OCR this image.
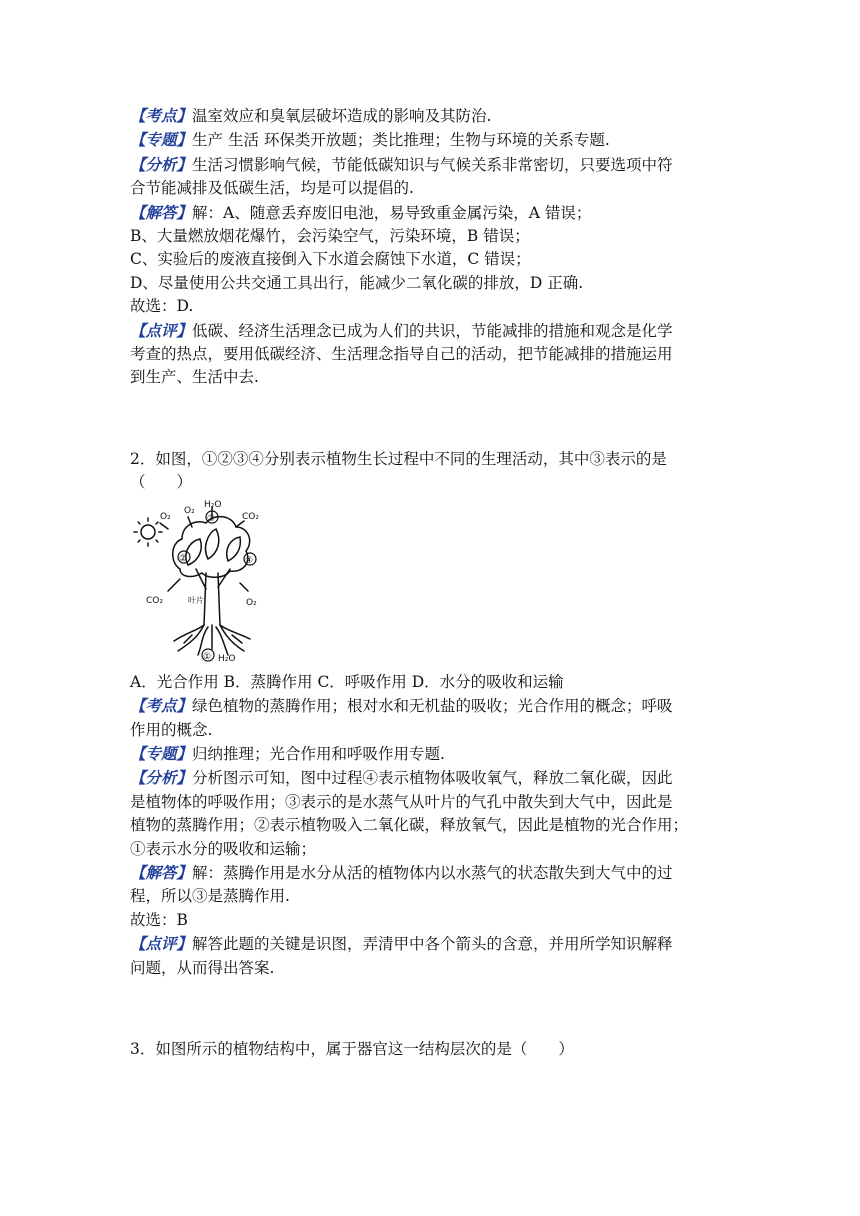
【考点】温室效应和臭氧层破坏造成的影响及其防治.

【专题】生产 生活 环保类开放题；类比推理；生物与环境的关系专题.

【分析】生活习惯影响气候，节能低碳知识与气候关系非常密切，只要选项中符

合节能减排及低碳生活，均是可以提倡的.

【解答】解：A、随意丢弃废旧电池，易导致重金属污染，A 错误；

B、大量燃放烟花爆竹，会污染空气，污染环境，B 错误；

C、实验后的废液直接倒入下水道会腐蚀下水道，C 错误；

D、尽量使用公共交通工具出行，能减少二氧化碳的排放，D 正确.

故选：D.

【点评】低碳、经济生活理念已成为人们的共识，节能减排的措施和观念是化学

考查的热点，要用低碳经济、生活理念指导自己的活动，把节能减排的措施运用

到生产、生活中去.

2．如图，①②③④分别表示植物生长过程中不同的生理活动，其中③表示的是

（　　）

H₂O
③
O₂
O₂
CO₂
②	④
CO₂	叶片	O₂
① H₂O

A．光合作用 B．蒸腾作用 C．呼吸作用 D．水分的吸收和运输

【考点】绿色植物的蒸腾作用；根对水和无机盐的吸收；光合作用的概念；呼吸

作用的概念.

【专题】归纳推理；光合作用和呼吸作用专题.

【分析】分析图示可知，图中过程④表示植物体吸收氧气，释放二氧化碳，因此

是植物体的呼吸作用；③表示的是水蒸气从叶片的气孔中散失到大气中，因此是

植物的蒸腾作用；②表示植物吸入二氧化碳，释放氧气，因此是植物的光合作用；

①表示水分的吸收和运输；

【解答】解：蒸腾作用是水分从活的植物体内以水蒸气的状态散失到大气中的过

程，所以③是蒸腾作用.

故选：B

【点评】解答此题的关键是识图，弄清甲中各个箭头的含意，并用所学知识解释

问题，从而得出答案.

3．如图所示的植物结构中，属于器官这一结构层次的是（　　）
